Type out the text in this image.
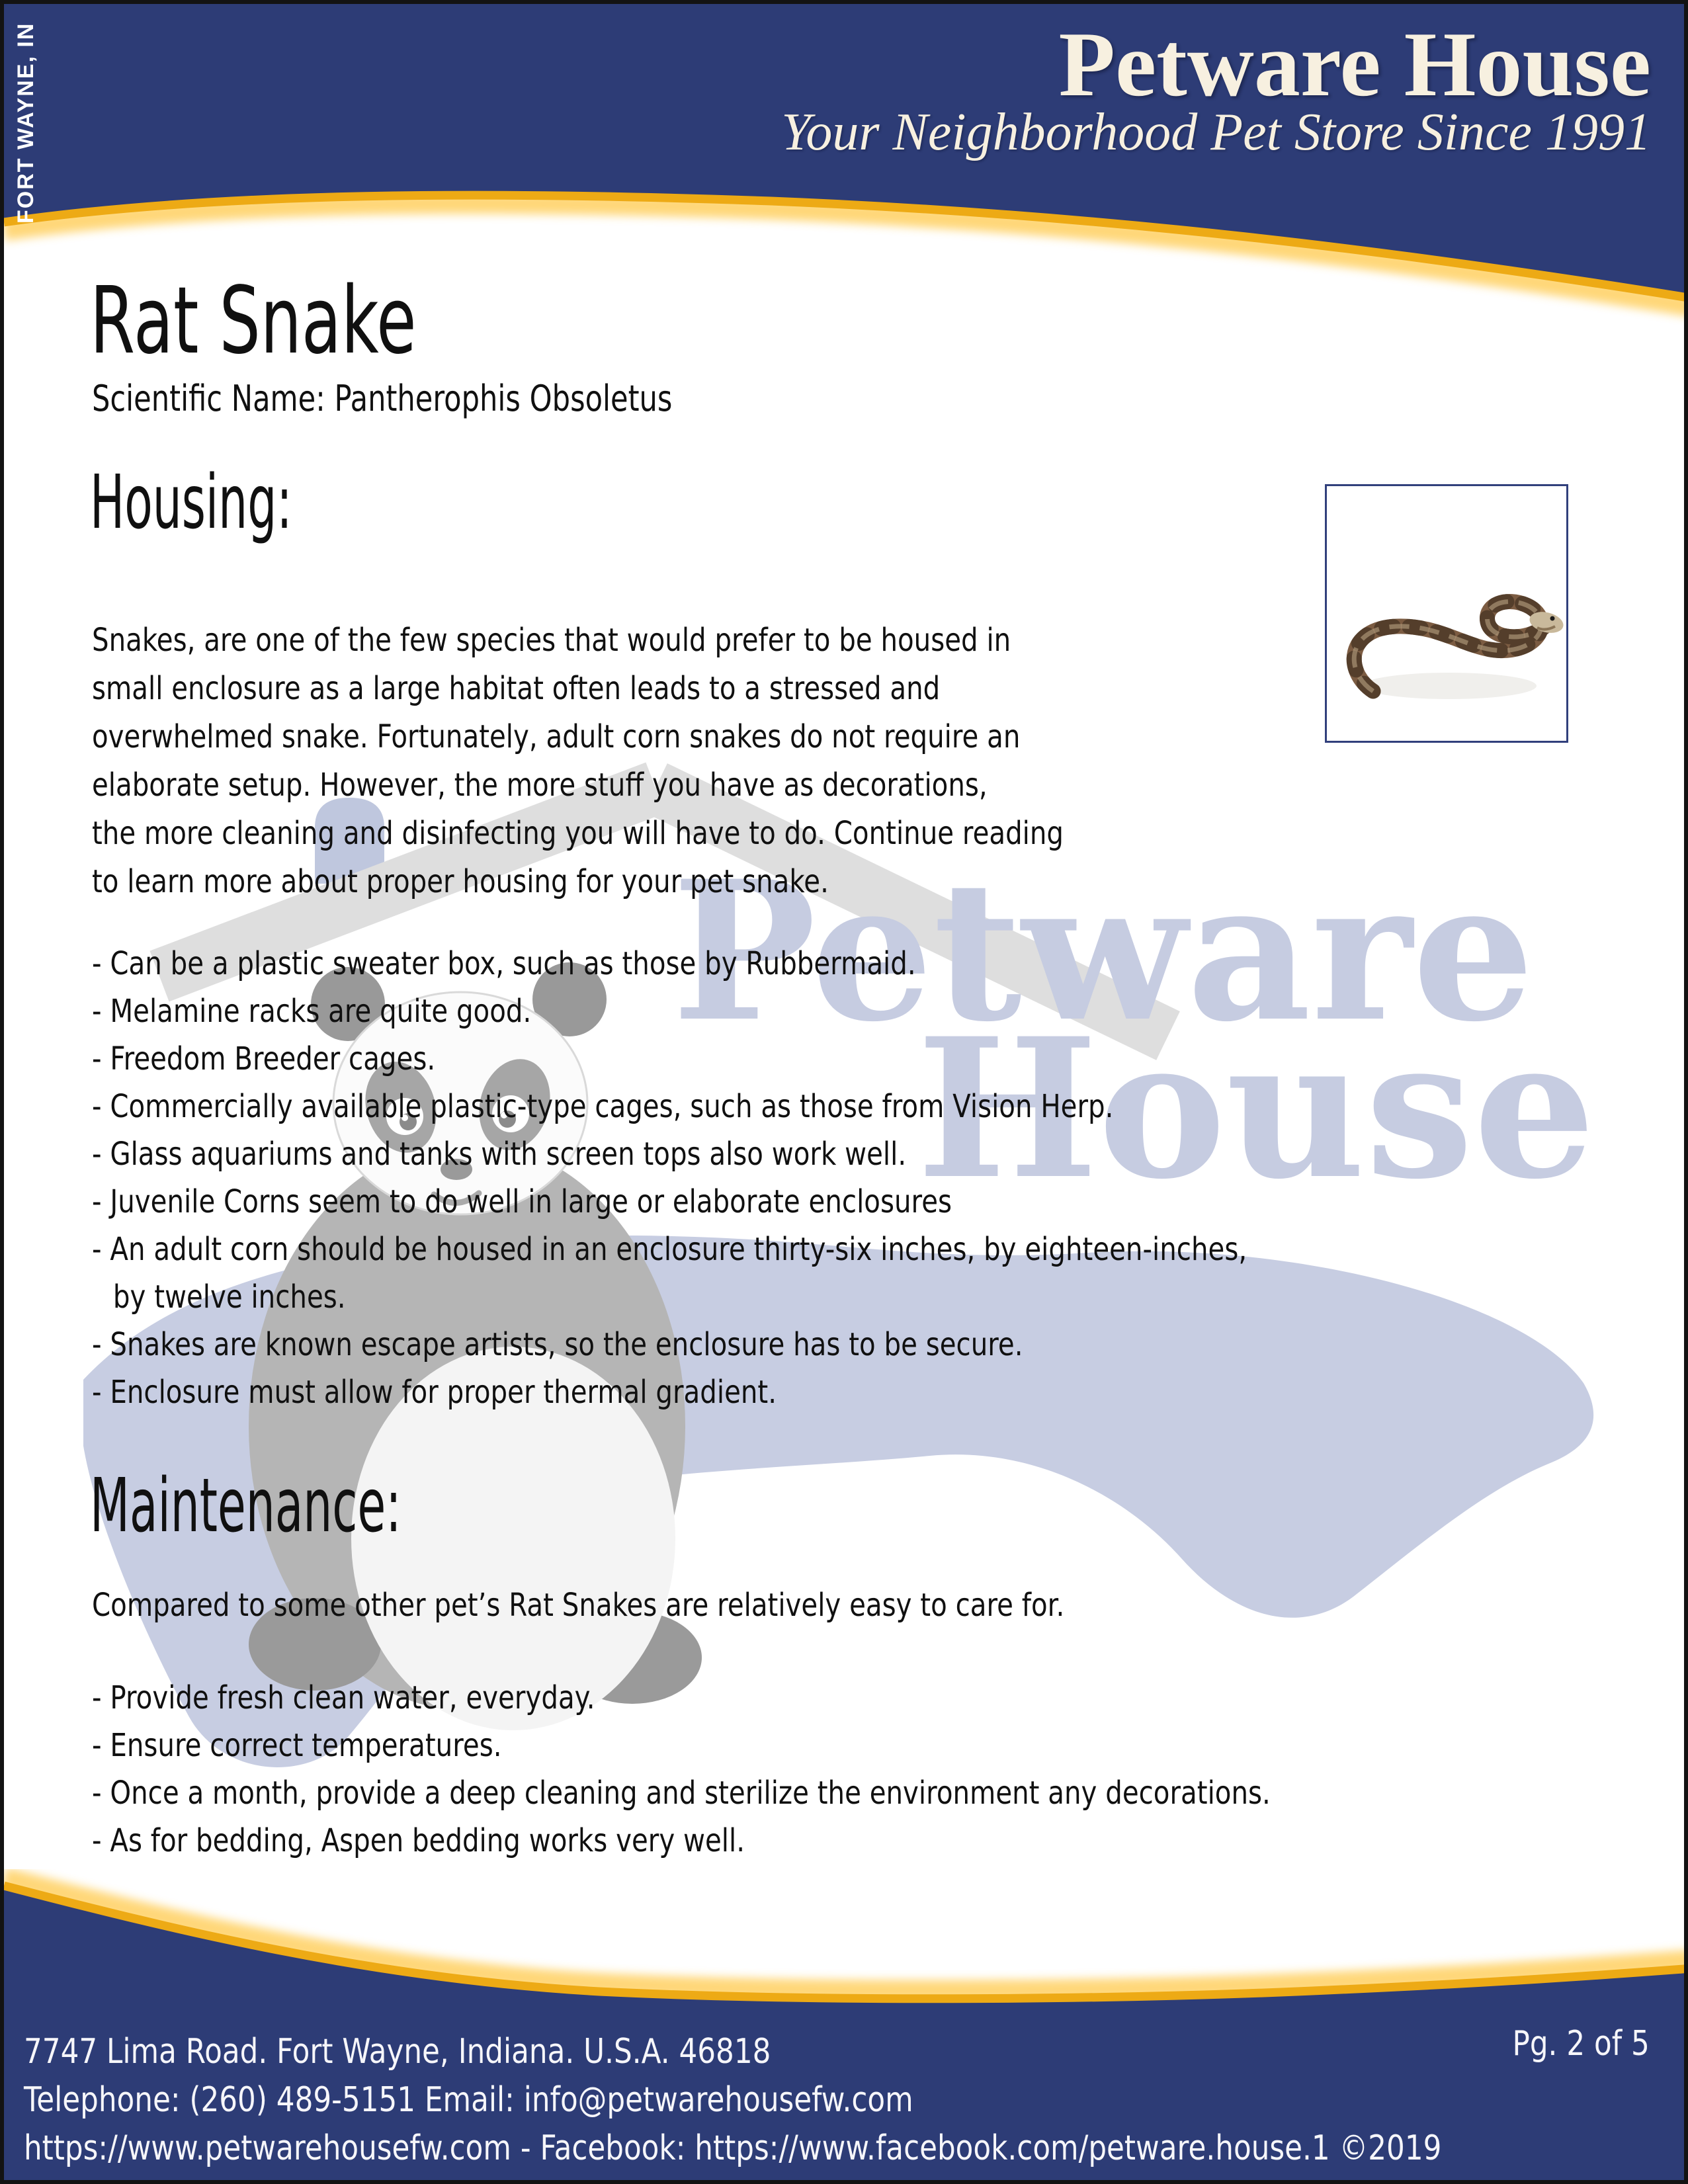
Petware
House
FORT WAYNE, IN	Petware House
Your Neighborhood Pet Store Since 1991
Rat Snake
Scientific Name: Pantherophis Obsoletus
Housing:
Snakes, are one of the few species that would prefer to be housed in
small enclosure as a large habitat often leads to a stressed and
overwhelmed snake. Fortunately, adult corn snakes do not require an
elaborate setup. However, the more stuff you have as decorations,
the more cleaning and disinfecting you will have to do. Continue reading
to learn more about proper housing for your pet snake.
- Can be a plastic sweater box, such as those by Rubbermaid.
- Melamine racks are quite good.
- Freedom Breeder cages.
- Commercially available plastic-type cages, such as those from Vision Herp.
- Glass aquariums and tanks with screen tops also work well.
- Juvenile Corns seem to do well in large or elaborate enclosures
- An adult corn should be housed in an enclosure thirty-six inches, by eighteen-inches,
by twelve inches.
- Snakes are known escape artists, so the enclosure has to be secure.
- Enclosure must allow for proper thermal gradient.
Maintenance:
Compared to some other pet’s Rat Snakes are relatively easy to care for.
- Provide fresh clean water, everyday.
- Ensure correct temperatures.
- Once a month, provide a deep cleaning and sterilize the environment any decorations.
- As for bedding, Aspen bedding works very well.
7747 Lima Road. Fort Wayne, Indiana. U.S.A. 46818
Telephone: (260) 489-5151 Email: info@petwarehousefw.com
https://www.petwarehousefw.com - Facebook: https://www.facebook.com/petware.house.1 ©2019
Pg. 2 of 5
